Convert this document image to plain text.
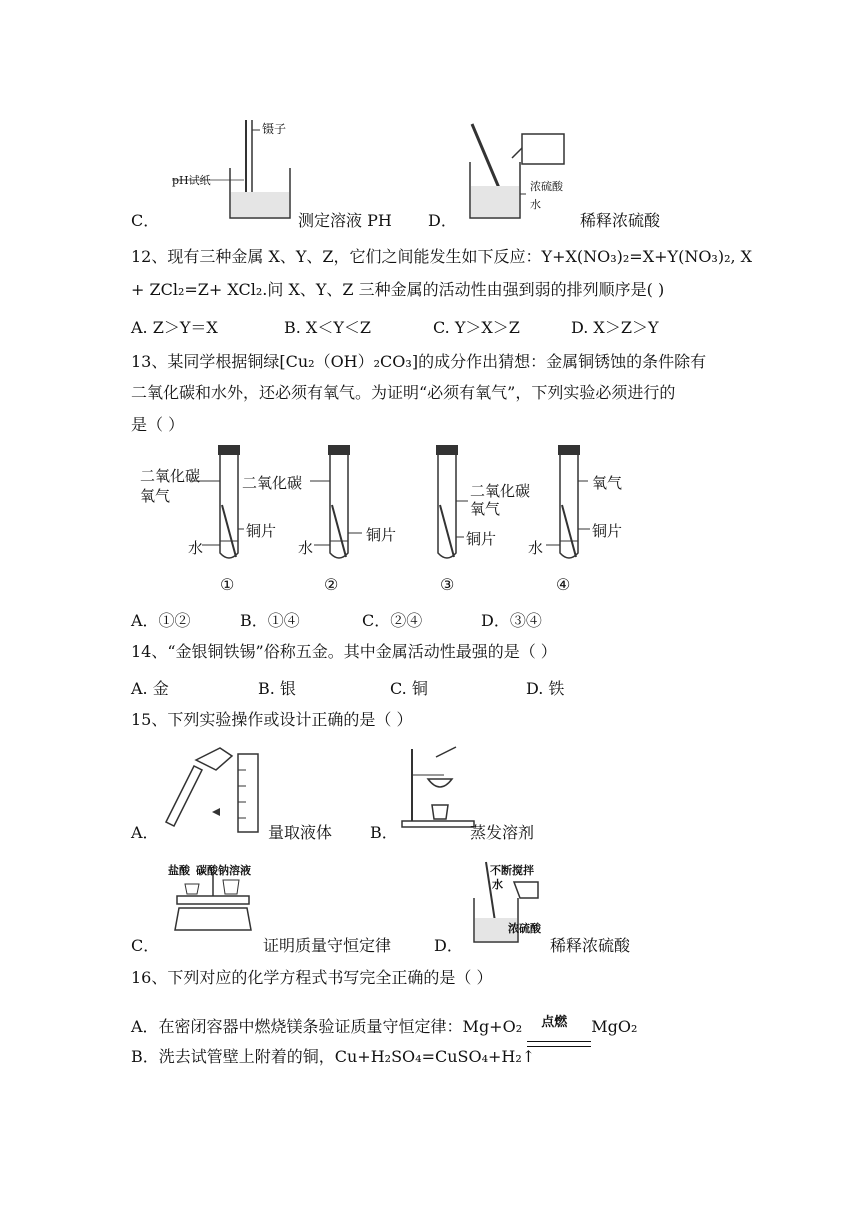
镊子
pH试纸
C．	测定溶液 PH
浓硫酸
水
D．	稀释浓硫酸
12、现有三种金属 X、Y、Z，它们之间能发生如下反应：Y+X(NO₃)₂=X+Y(NO₃)₂, X
+ ZCl₂=Z+ XCl₂.问 X、Y、Z 三种金属的活动性由强到弱的排列顺序是( )
A. Z＞Y＝X	B. X＜Y＜Z	C. Y＞X＞Z	D. X＞Z＞Y
13、某同学根据铜绿[Cu₂（OH）₂CO₃]的成分作出猜想：金属铜锈蚀的条件除有
二氧化碳和水外，还必须有氧气。为证明“必须有氧气”，下列实验必须进行的
是（ ）
二氧化碳
氧气
铜片
水
①
二氧化碳
铜片
水
②
二氧化碳
氧气
铜片
③
氧气
铜片
水
④
A．①②	B．①④	C．②④	D．③④
14、“金银铜铁锡”俗称五金。其中金属活动性最强的是（ ）
A. 金	B. 银	C. 铜	D. 铁
15、下列实验操作或设计正确的是（ ）
A．	量取液体 B．	蒸发溶剂
盐酸 碳酸钠溶液
C．	证明质量守恒定律
不断搅拌
水
浓硫酸
D．	稀释浓硫酸
16、下列对应的化学方程式书写完全正确的是（ ）
A．在密闭容器中燃烧镁条验证质量守恒定律：Mg+O₂ 点燃 MgO₂
B．洗去试管壁上附着的铜，Cu+H₂SO₄=CuSO₄+H₂↑
